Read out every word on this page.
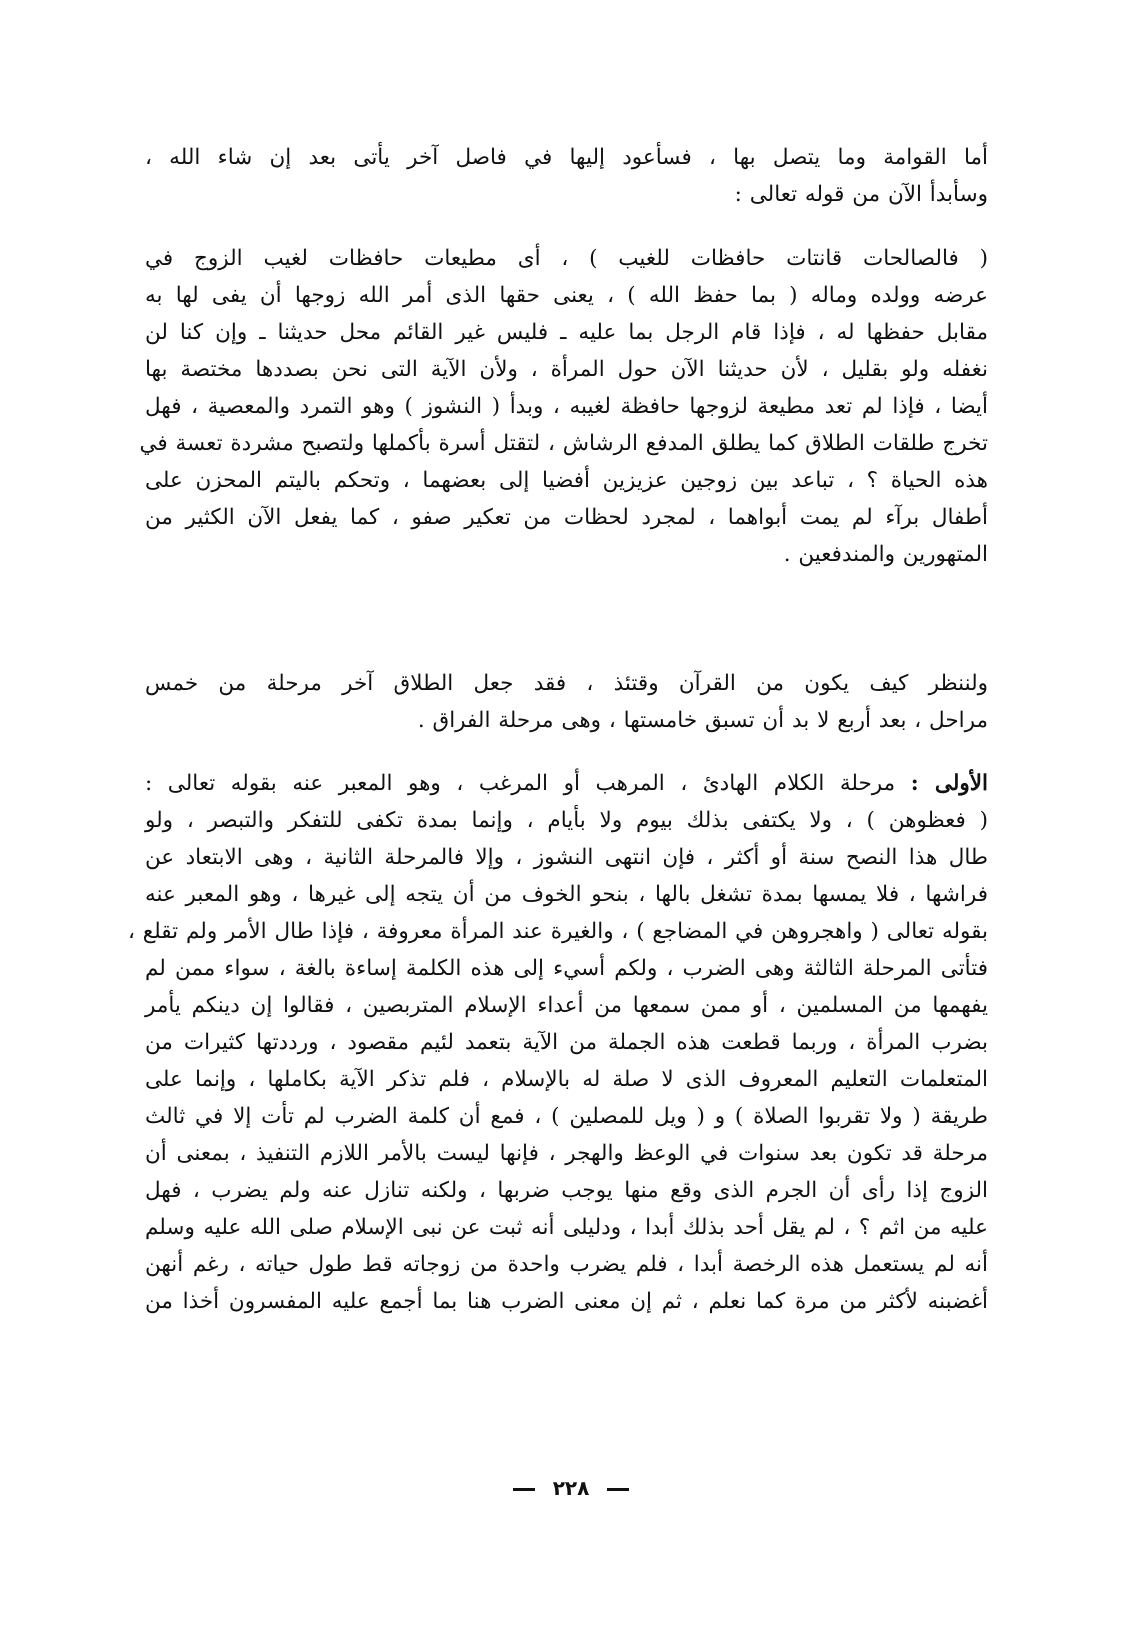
أما القوامة وما يتصل بها ، فسأعود إليها في فاصل آخر يأتى بعد إن شاء الله ،
وسأبدأ الآن من قوله تعالى :
( فالصالحات قانتات حافظات للغيب ) ، أى مطيعات حافظات لغيب الزوج في
عرضه وولده وماله ( بما حفظ الله ) ، يعنى حقها الذى أمر الله زوجها أن يفى لها به
مقابل حفظها له ، فإذا قام الرجل بما عليه ـ فليس غير القائم محل حديثنا ـ وإن كنا لن
نغفله ولو بقليل ، لأن حديثنا الآن حول المرأة ، ولأن الآية التى نحن بصددها مختصة بها
أيضا ، فإذا لم تعد مطيعة لزوجها حافظة لغيبه ، وبدأ ( النشوز ) وهو التمرد والمعصية ، فهل
تخرج طلقات الطلاق كما يطلق المدفع الرشاش ، لتقتل أسرة بأكملها ولتصبح مشردة تعسة في
هذه الحياة ؟ ، تباعد بين زوجين عزيزين أفضيا إلى بعضهما ، وتحكم باليتم المحزن على
أطفال برآء لم يمت أبواهما ، لمجرد لحظات من تعكير صفو ، كما يفعل الآن الكثير من
المتهورين والمندفعين .
ولننظر كيف يكون من القرآن وقتئذ ، فقد جعل الطلاق آخر مرحلة من خمس
مراحل ، بعد أربع لا بد أن تسبق خامستها ، وهى مرحلة الفراق .
الأولى : مرحلة الكلام الهادئ ، المرهب أو المرغب ، وهو المعبر عنه بقوله تعالى :
( فعظوهن ) ، ولا يكتفى بذلك بيوم ولا بأيام ، وإنما بمدة تكفى للتفكر والتبصر ، ولو
طال هذا النصح سنة أو أكثر ، فإن انتهى النشوز ، وإلا فالمرحلة الثانية ، وهى الابتعاد عن
فراشها ، فلا يمسها بمدة تشغل بالها ، بنحو الخوف من أن يتجه إلى غيرها ، وهو المعبر عنه
بقوله تعالى ( واهجروهن في المضاجع ) ، والغيرة عند المرأة معروفة ، فإذا طال الأمر ولم تقلع ،
فتأتى المرحلة الثالثة وهى الضرب ، ولكم أسيء إلى هذه الكلمة إساءة بالغة ، سواء ممن لم
يفهمها من المسلمين ، أو ممن سمعها من أعداء الإسلام المتربصين ، فقالوا إن دينكم يأمر
بضرب المرأة ، وربما قطعت هذه الجملة من الآية بتعمد لئيم مقصود ، ورددتها كثيرات من
المتعلمات التعليم المعروف الذى لا صلة له بالإسلام ، فلم تذكر الآية بكاملها ، وإنما على
طريقة ( ولا تقربوا الصلاة ) و ( ويل للمصلين ) ، فمع أن كلمة الضرب لم تأت إلا في ثالث
مرحلة قد تكون بعد سنوات في الوعظ والهجر ، فإنها ليست بالأمر اللازم التنفيذ ، بمعنى أن
الزوج إذا رأى أن الجرم الذى وقع منها يوجب ضربها ، ولكنه تنازل عنه ولم يضرب ، فهل
عليه من اثم ؟ ، لم يقل أحد بذلك أبدا ، ودليلى أنه ثبت عن نبى الإسلام صلى الله عليه وسلم
أنه لم يستعمل هذه الرخصة أبدا ، فلم يضرب واحدة من زوجاته قط طول حياته ، رغم أنهن
أغضبنه لأكثر من مرة كما نعلم ، ثم إن معنى الضرب هنا بما أجمع عليه المفسرون أخذا من
٢٢٨
